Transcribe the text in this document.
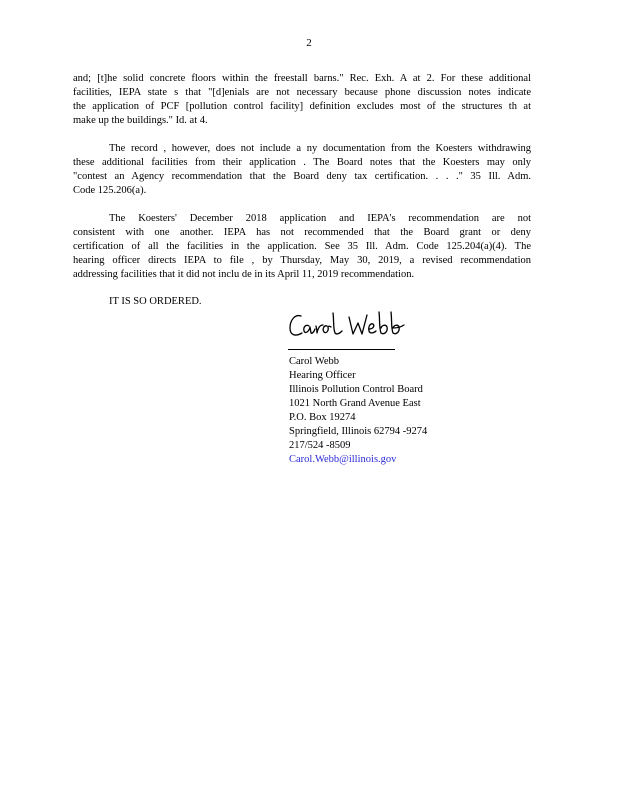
2
and; [t]he solid concrete floors within the freestall barns." Rec. Exh. A at 2. For these additional
facilities, IEPA state s that "[d]enials are not necessary because phone discussion notes indicate
the application of PCF [pollution control facility] definition excludes most of the structures th at
make up the buildings." Id. at 4.
The record , however, does not include a ny documentation from the Koesters withdrawing
these additional facilities from their application . The Board notes that the Koesters may only
"contest an Agency recommendation that the Board deny tax certification. . . ." 35 Ill. Adm.
Code 125.206(a).
The Koesters' December 2018 application and IEPA's recommendation are not
consistent with one another. IEPA has not recommended that the Board grant or deny
certification of all the facilities in the application. See 35 Ill. Adm. Code 125.204(a)(4). The
hearing officer directs IEPA to file , by Thursday, May 30, 2019, a revised recommendation
addressing facilities that it did not inclu de in its April 11, 2019 recommendation.
IT IS SO ORDERED.
Carol Webb
Hearing Officer
Illinois Pollution Control Board
1021 North Grand Avenue East
P.O. Box 19274
Springfield, Illinois 62794 -9274
217/524 -8509
Carol.Webb@illinois.gov
